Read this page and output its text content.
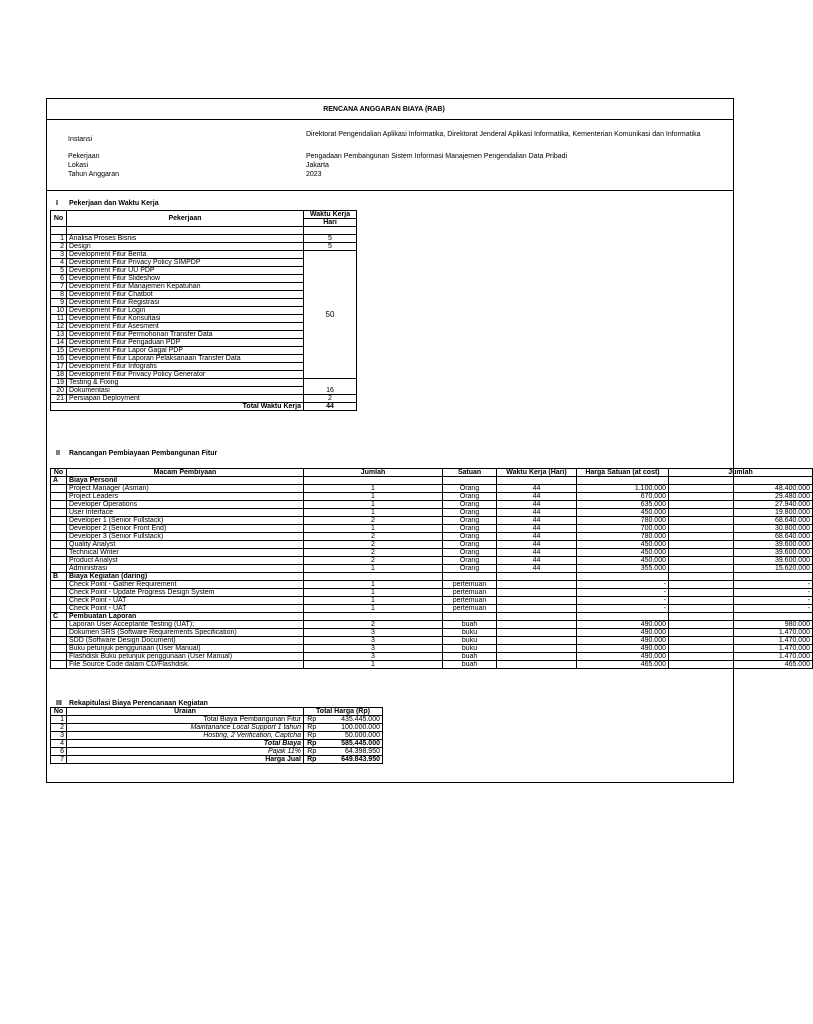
RENCANA ANGGARAN BIAYA (RAB)
Instansi
Direktorat Pengendalian Aplikasi Informatika, Direktorat Jenderal Aplikasi Informatika, Kementerian Komunikasi dan Informatika
Pekerjaan	Pengadaan Pembangunan Sistem Informasi Manajemen Pengendalian Data Pribadi
Lokasi	Jakarta
Tahun Anggaran	2023
I Pekerjaan dan Waktu Kerja
No	Pekerjaan	Waktu Kerja
		Hari

1	Analisa Proses Bisnis	5
2	Design	5
3	Development Fitur Berita	50
4	Development Fitur Privacy Policy SIMPDP	
5	Development Fitur UU PDP	
6	Development Fitur Slideshow	
7	Development Fitur Manajemen Kepatuhan	
8	Development Fitur Chatbot	
9	Development Fitur Registrasi	
10	Development Fitur Login	
11	Development Fitur Konsultasi	
12	Development Fitur Asesment	
13	Development Fitur Permohonan Transfer Data	
14	Development Fitur Pengaduan PDP	
15	Development Fitur Lapor Gagal PDP	
16	Development Fitur Laporan Pelaksanaan Transfer Data	
17	Development Fitur Infografis	
18	Development Fitur Privacy Policy Generator	
19	Testing & Fixing	16
20	Dokumentasi	
21	Persiapan Deployment	2
Total Waktu Kerja		44
II Rancangan Pembiayaan Pembangunan Fitur
No	Macam Pembiyaan	Jumlah	Satuan	Waktu Kerja (Hari)	Harga Satuan (at cost)	Jumlah
A	Biaya Personil					
	Project Manager (Asman)	1	Orang	44	1.100.000	48.400.000
	Project Leaders	1	Orang	44	670.000	29.480.000
	Developer Operations	1	Orang	44	635.000	27.940.000
	User Interface	1	Orang	44	450.000	19.800.000
	Developer 1 (Senior Fullstack)	2	Orang	44	780.000	68.640.000
	Developer 2 (Senior Front End)	1	Orang	44	700.000	30.800.000
	Developer 3 (Senior Fullstack)	2	Orang	44	780.000	68.640.000
	Quality Analyst	2	Orang	44	450.000	39.600.000
	Technical Writer	2	Orang	44	450.000	39.600.000
	Product Analyst	2	Orang	44	450.000	39.600.000
	Administrasi	1	Orang	44	355.000	15.620.000
B	Biaya Kegiatan (daring)					
	Check Point - Gather Requirement	1	pertemuan		-	-
	Check Point - Update Progress Design System	1	pertemuan		-	-
	Check Point - UAT	1	pertemuan		-	-
	Check Point - UAT	1	pertemuan		-	-
C	Pembuatan Laporan					
	Laporan User Acceptante Testing (UAT);	2	buah		490.000	980.000
	Dokumen SRS (Software Requirements Specification)	3	buku		490.000	1.470.000
	SDD (Software Design Document)	3	buku		490.000	1.470.000
	Buku petunjuk penggunaan (User Manual)	3	buku		490.000	1.470.000
	Flashdisk Buku petunjuk penggunaan (User Manual)	3	buah		490.000	1.470.000
	File Source Code dalam CD/Flashdisk.	1	buah		465.000	465.000
III Rekapitulasi Biaya Perencanaan Kegiatan
No	Uraian	Total Harga (Rp)	
1	Total Biaya Pembangunan Fitur	Rp	435.445.000
2	Maintanance Local Support 1 tahun	Rp	100.000.000
3	Hosting, 2 Verification, Captcha	Rp	50.000.000
4	Total Biaya	Rp	585.445.000
6	Pajak 11%	Rp	64.398.950
7	Harga Jual	Rp	649.843.950
